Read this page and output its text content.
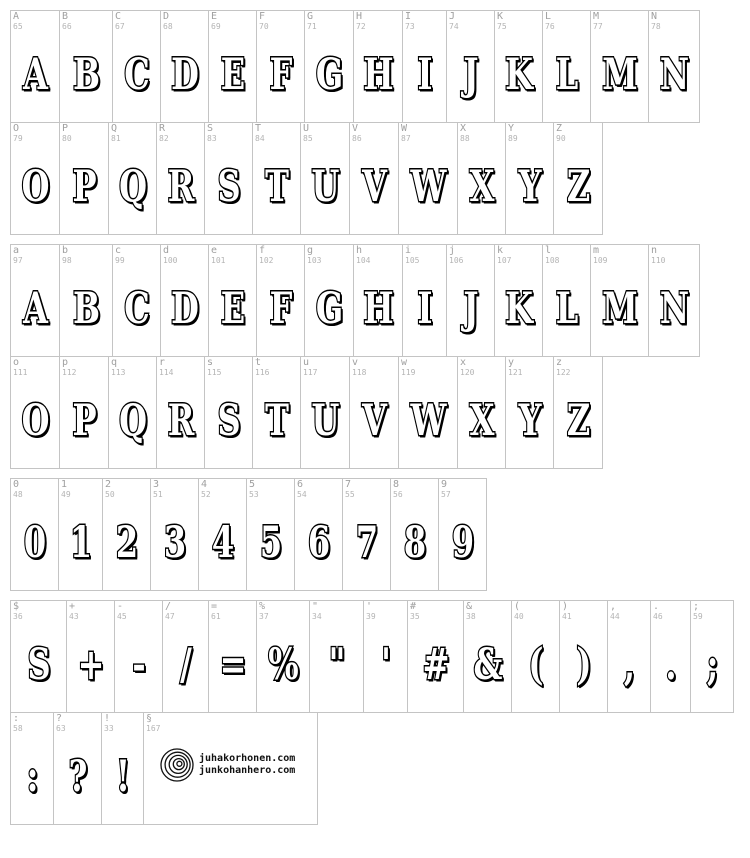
A
65
A
B
66
B
C
67
C
D
68
D
E
69
E
F
70
F
G
71
G
H
72
H
I
73
I
J
74
J
K
75
K
L
76
L
M
77
M
N
78
N
O
79
O
P
80
P
Q
81
Q
R
82
R
S
83
S
T
84
T
U
85
U
V
86
V
W
87
W
X
88
X
Y
89
Y
Z
90
Z
a
97
A
b
98
B
c
99
C
d
100
D
e
101
E
f
102
F
g
103
G
h
104
H
i
105
I
j
106
J
k
107
K
l
108
L
m
109
M
n
110
N
o
111
O
p
112
P
q
113
Q
r
114
R
s
115
S
t
116
T
u
117
U
v
118
V
w
119
W
x
120
X
y
121
Y
z
122
Z
0
48
0
1
49
1
2
50
2
3
51
3
4
52
4
5
53
5
6
54
6
7
55
7
8
56
8
9
57
9
$
36
S
+
43
+
-
45
-
/
47
/
=
61
=
%
37
%
"
34
"
'
39
'
#
35
#
&
38
&
(
40
(
)
41
)
,
44
,
.
46
.
;
59
;
:
58
:
?
63
?
!
33
!
§
167
juhakorhonen.com
junkohanhero.com
